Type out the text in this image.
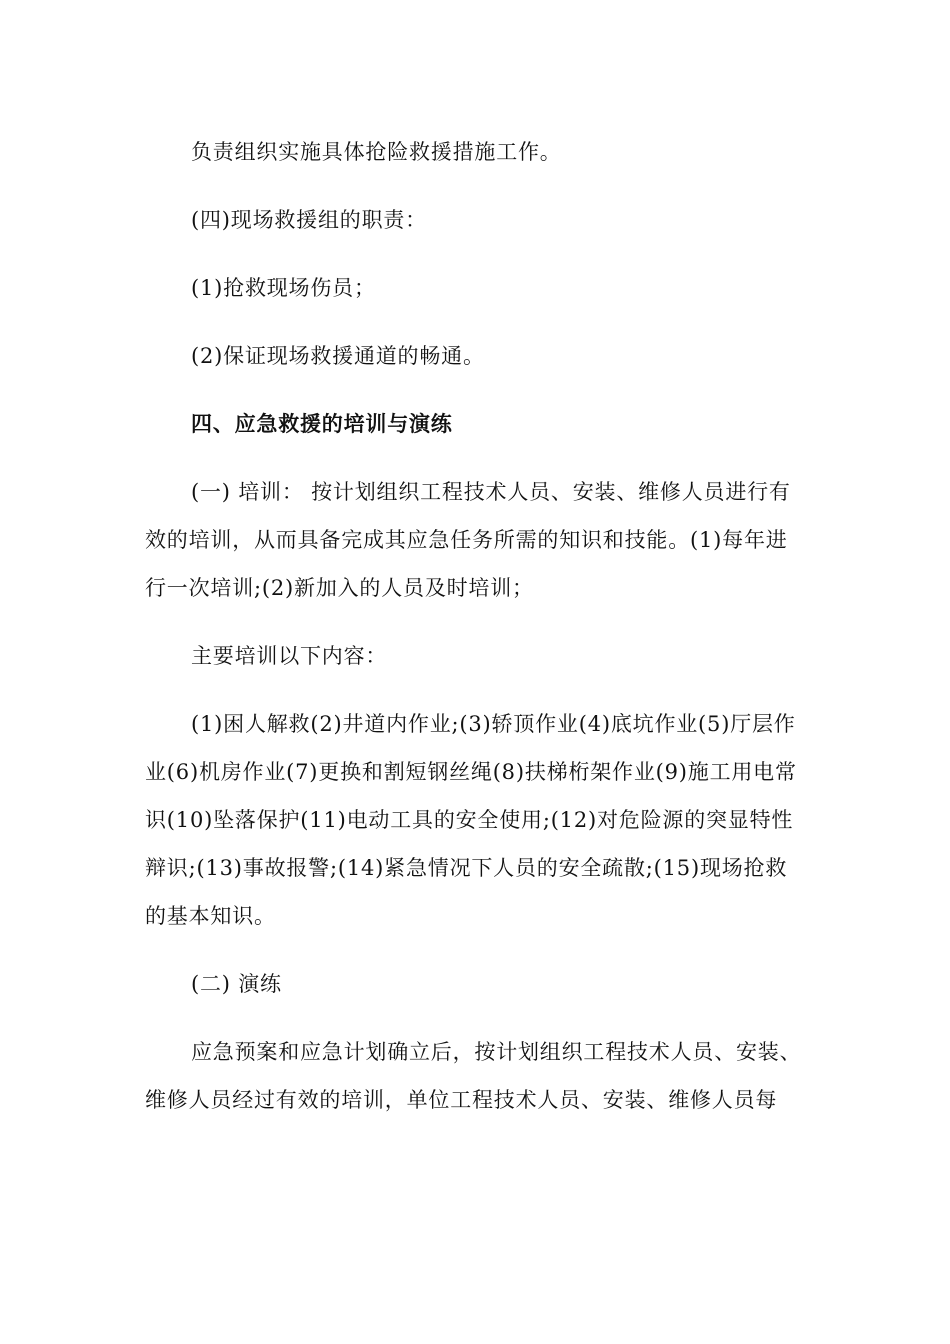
负责组织实施具体抢险救援措施工作。

(四)现场救援组的职责：

(1)抢救现场伤员；

(2)保证现场救援通道的畅通。

四、应急救援的培训与演练

(一) 培训： 按计划组织工程技术人员、安装、维修人员进行有效的培训，从而具备完成其应急任务所需的知识和技能。(1)每年进行一次培训;(2)新加入的人员及时培训；

主要培训以下内容：

(1)困人解救(2)井道内作业;(3)轿顶作业(4)底坑作业(5)厅层作业(6)机房作业(7)更换和割短钢丝绳(8)扶梯桁架作业(9)施工用电常识(10)坠落保护(11)电动工具的安全使用;(12)对危险源的突显特性辩识;(13)事故报警;(14)紧急情况下人员的安全疏散;(15)现场抢救的基本知识。

(二) 演练

应急预案和应急计划确立后，按计划组织工程技术人员、安装、维修人员经过有效的培训，单位工程技术人员、安装、维修人员每
